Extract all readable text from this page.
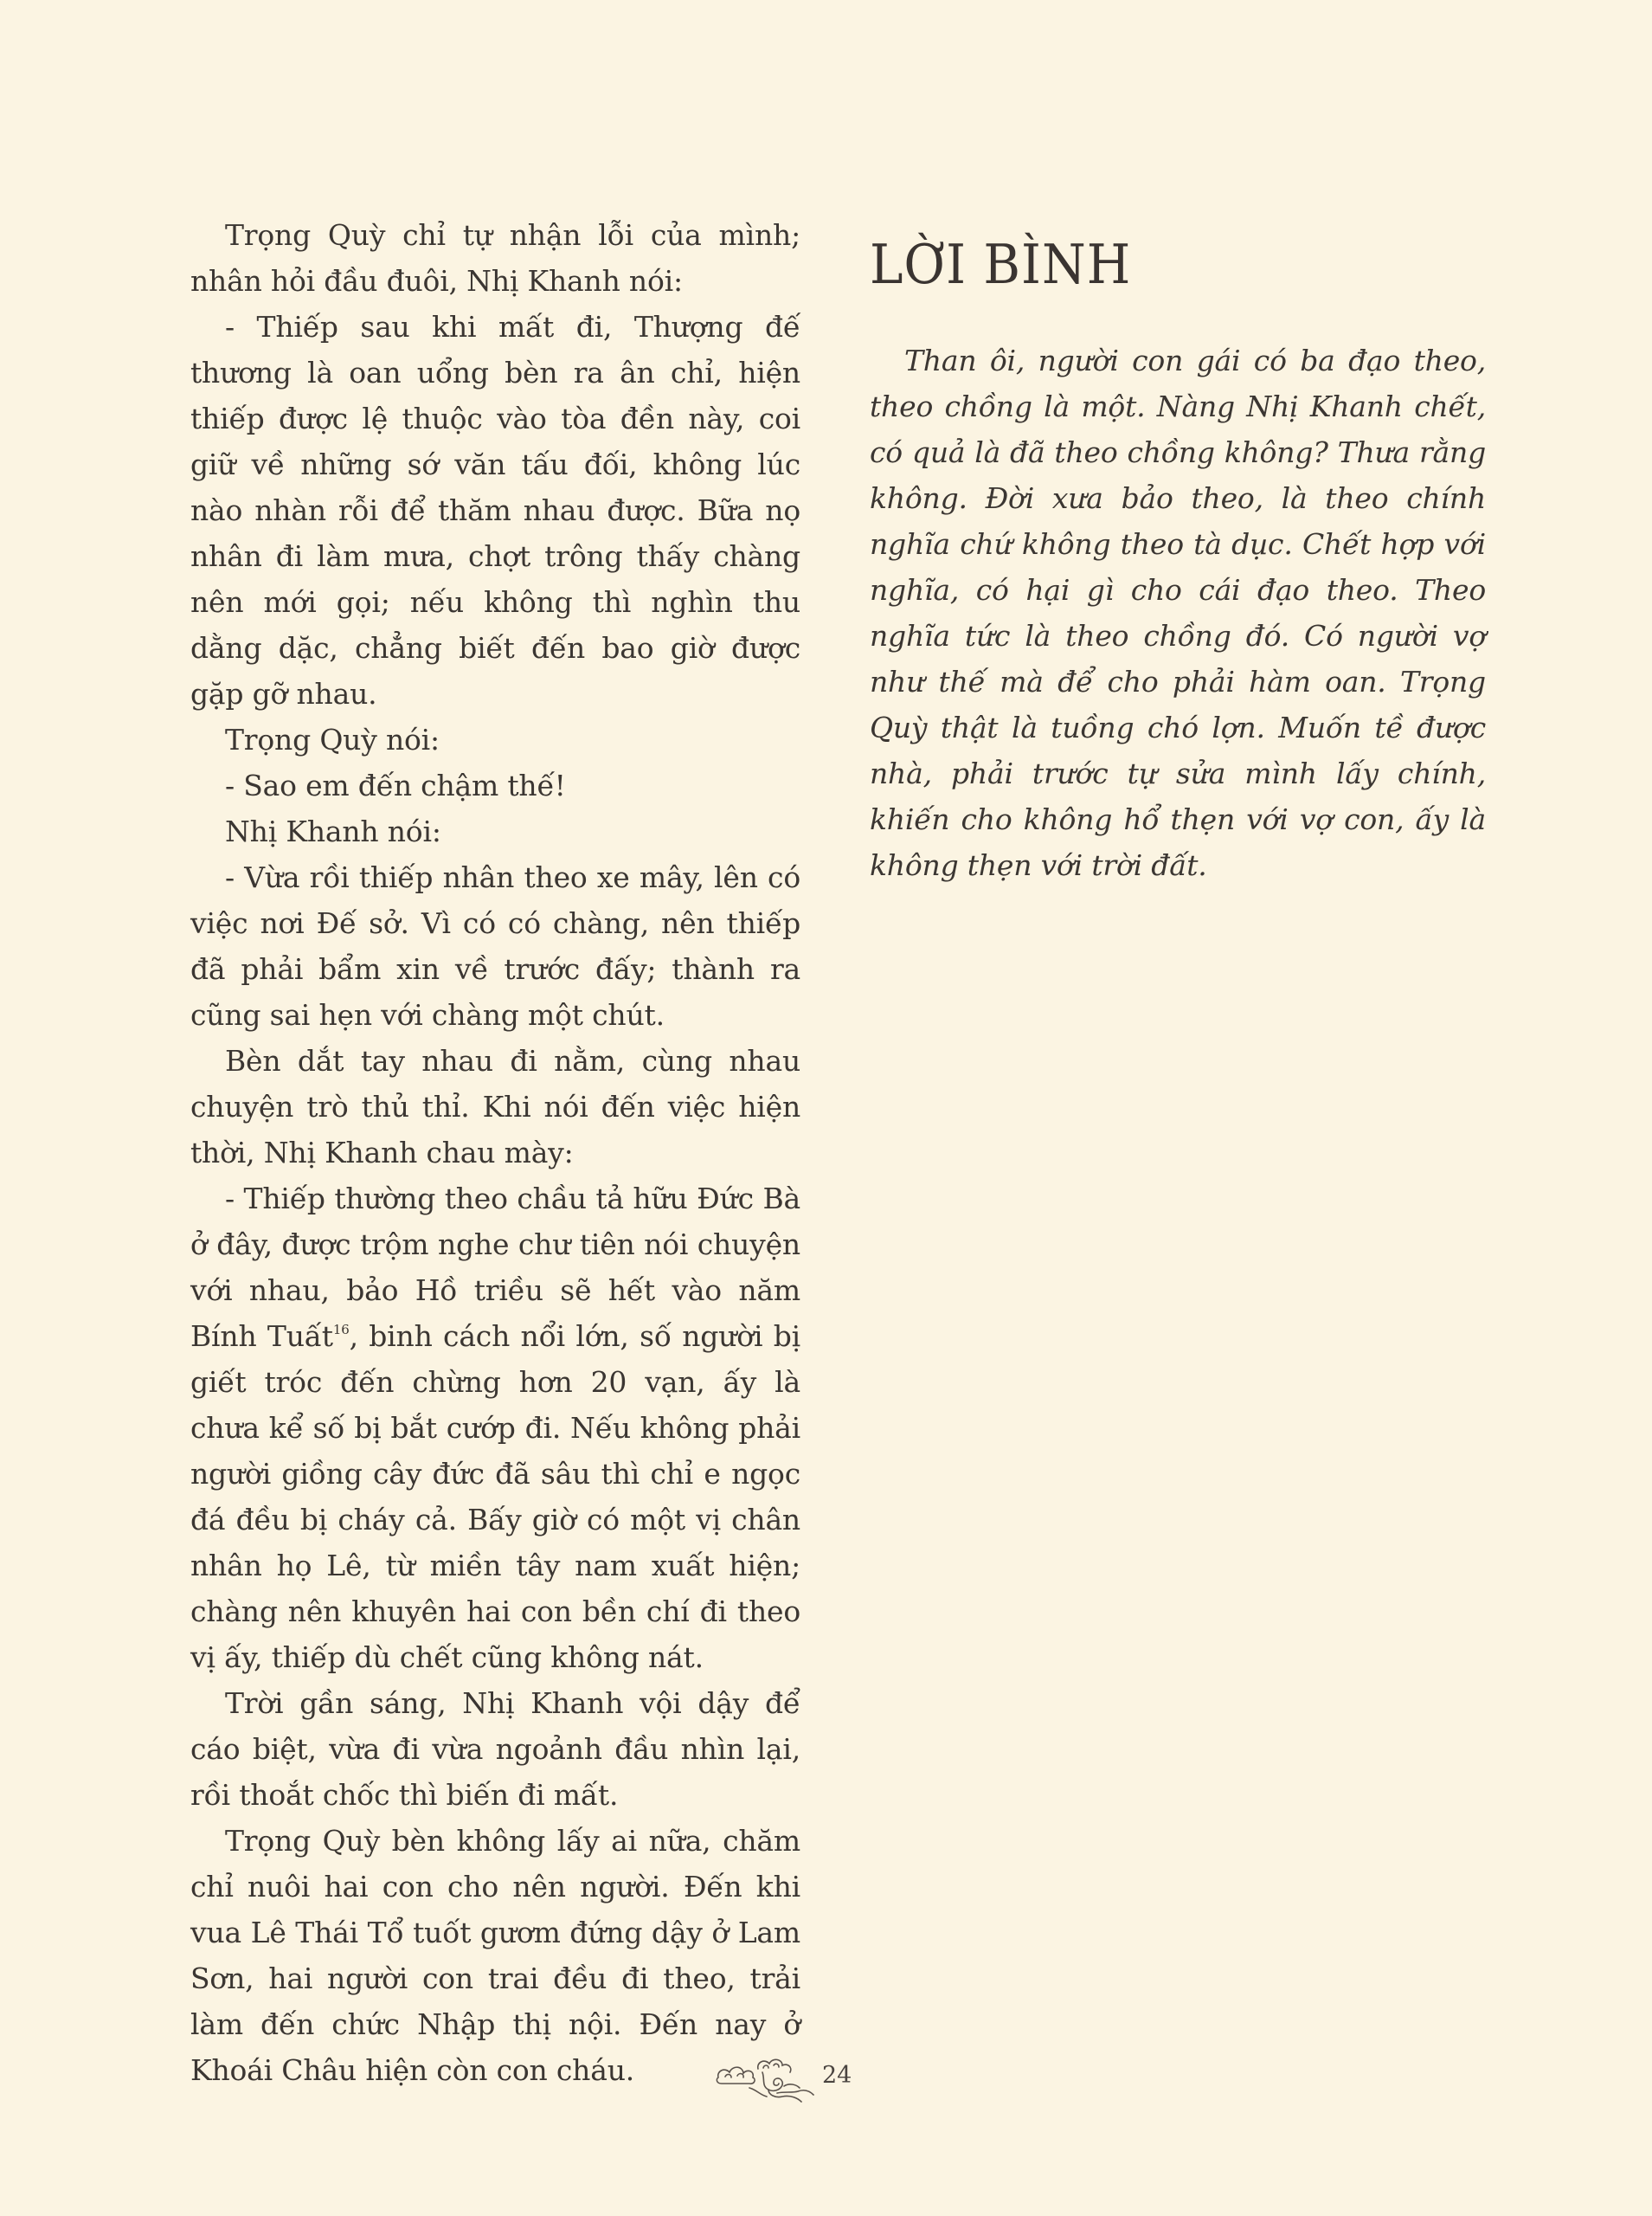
Trọng Quỳ chỉ tự nhận lỗi của mình; nhân hỏi đầu đuôi, Nhị Khanh nói:

- Thiếp sau khi mất đi, Thượng đế thương là oan uổng bèn ra ân chỉ, hiện thiếp được lệ thuộc vào tòa đền này, coi giữ về những sớ văn tấu đối, không lúc nào nhàn rỗi để thăm nhau được. Bữa nọ nhân đi làm mưa, chợt trông thấy chàng nên mới gọi; nếu không thì nghìn thu dằng dặc, chẳng biết đến bao giờ được gặp gỡ nhau.

Trọng Quỳ nói:

- Sao em đến chậm thế!

Nhị Khanh nói:

- Vừa rồi thiếp nhân theo xe mây, lên có việc nơi Đế sở. Vì có có chàng, nên thiếp đã phải bẩm xin về trước đấy; thành ra cũng sai hẹn với chàng một chút.

Bèn dắt tay nhau đi nằm, cùng nhau chuyện trò thủ thỉ. Khi nói đến việc hiện thời, Nhị Khanh chau mày:

- Thiếp thường theo chầu tả hữu Đức Bà ở đây, được trộm nghe chư tiên nói chuyện với nhau, bảo Hồ triều sẽ hết vào năm Bính Tuất$^{16}$, binh cách nổi lớn, số người bị giết tróc đến chừng hơn 20 vạn, ấy là chưa kể số bị bắt cướp đi. Nếu không phải người giồng cây đức đã sâu thì chỉ e ngọc đá đều bị cháy cả. Bấy giờ có một vị chân nhân họ Lê, từ miền tây nam xuất hiện; chàng nên khuyên hai con bền chí đi theo vị ấy, thiếp dù chết cũng không nát.

Trời gần sáng, Nhị Khanh vội dậy để cáo biệt, vừa đi vừa ngoảnh đầu nhìn lại, rồi thoắt chốc thì biến đi mất.

Trọng Quỳ bèn không lấy ai nữa, chăm chỉ nuôi hai con cho nên người. Đến khi vua Lê Thái Tổ tuốt gươm đứng dậy ở Lam Sơn, hai người con trai đều đi theo, trải làm đến chức Nhập thị nội. Đến nay ở Khoái Châu hiện còn con cháu.

LỜI BÌNH

Than ôi, người con gái có ba đạo theo, theo chồng là một. Nàng Nhị Khanh chết, có quả là đã theo chồng không? Thưa rằng không. Đời xưa bảo theo, là theo chính nghĩa chứ không theo tà dục. Chết hợp với nghĩa, có hại gì cho cái đạo theo. Theo nghĩa tức là theo chồng đó. Có người vợ như thế mà để cho phải hàm oan. Trọng Quỳ thật là tuồng chó lợn. Muốn tề được nhà, phải trước tự sửa mình lấy chính, khiến cho không hổ thẹn với vợ con, ấy là không thẹn với trời đất.

24
